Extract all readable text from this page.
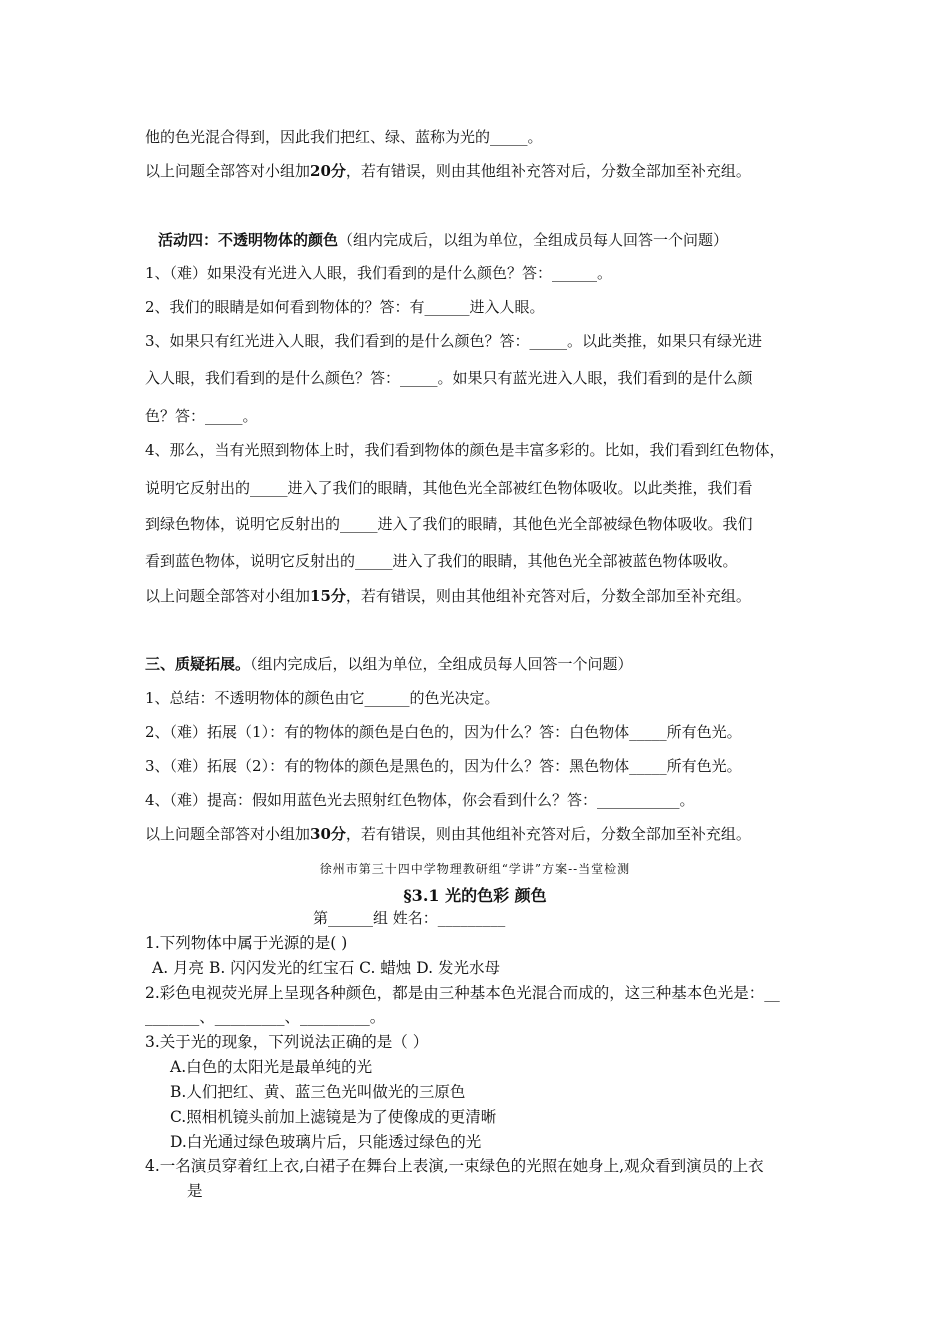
他的色光混合得到，因此我们把红、绿、蓝称为光的_____。
以上问题全部答对小组加20分，若有错误，则由其他组补充答对后，分数全部加至补充组。
活动四：不透明物体的颜色（组内完成后，以组为单位，全组成员每人回答一个问题）
1、（难）如果没有光进入人眼，我们看到的是什么颜色？答：______。
2、我们的眼睛是如何看到物体的？答：有______进入人眼。
3、如果只有红光进入人眼，我们看到的是什么颜色？答：_____。以此类推，如果只有绿光进
入人眼，我们看到的是什么颜色？答：_____。如果只有蓝光进入人眼，我们看到的是什么颜
色？答：_____。
4、那么，当有光照到物体上时，我们看到物体的颜色是丰富多彩的。比如，我们看到红色物体，
说明它反射出的_____进入了我们的眼睛，其他色光全部被红色物体吸收。以此类推，我们看
到绿色物体，说明它反射出的_____进入了我们的眼睛，其他色光全部被绿色物体吸收。我们
看到蓝色物体，说明它反射出的_____进入了我们的眼睛，其他色光全部被蓝色物体吸收。
以上问题全部答对小组加15分，若有错误，则由其他组补充答对后，分数全部加至补充组。
三、质疑拓展。（组内完成后，以组为单位，全组成员每人回答一个问题）
1、总结：不透明物体的颜色由它______的色光决定。
2、（难）拓展（1）：有的物体的颜色是白色的，因为什么？答：白色物体_____所有色光。
3、（难）拓展（2）：有的物体的颜色是黑色的，因为什么？答：黑色物体_____所有色光。
4、（难）提高：假如用蓝色光去照射红色物体，你会看到什么？答：___________。
以上问题全部答对小组加30分，若有错误，则由其他组补充答对后，分数全部加至补充组。
徐州市第三十四中学物理教研组“学讲”方案--当堂检测
§3.1 光的色彩 颜色
第______组 姓名：_________
1.下列物体中属于光源的是( )
A. 月亮 B. 闪闪发光的红宝石 C. 蜡烛 D. 发光水母
2.彩色电视荧光屏上呈现各种颜色，都是由三种基本色光混合而成的，这三种基本色光是：__
_______、_________、_________。
3.关于光的现象，下列说法正确的是（ ）
A.白色的太阳光是最单纯的光
B.人们把红、黄、蓝三色光叫做光的三原色
C.照相机镜头前加上滤镜是为了使像成的更清晰
D.白光通过绿色玻璃片后，只能透过绿色的光
4.一名演员穿着红上衣,白裙子在舞台上表演,一束绿色的光照在她身上,观众看到演员的上衣
是
